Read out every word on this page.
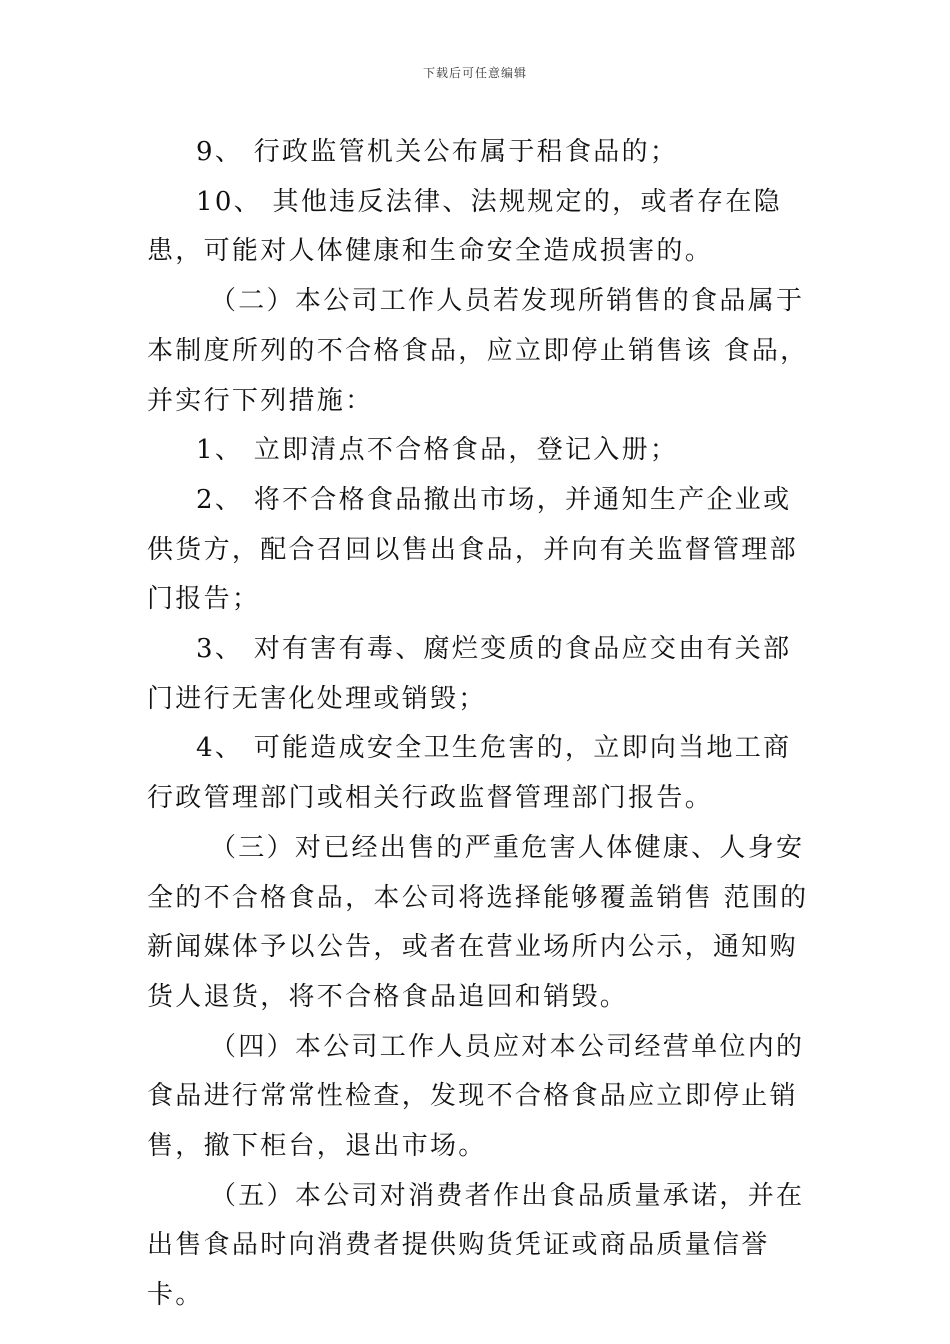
下载后可任意编辑

9、 行政监管机关公布属于稆食品的；

10、 其他违反法律、法规规定的，或者存在隐患，可能对人体健康和生命安全造成损害的。

（二）本公司工作人员若发现所销售的食品属于本制度所列的不合格食品，应立即停止销售该 食品，并实行下列措施：

1、 立即清点不合格食品，登记入册；

2、 将不合格食品撤出市场，并通知生产企业或供货方，配合召回以售出食品，并向有关监督管理部门报告；

3、 对有害有毒、腐烂变质的食品应交由有关部门进行无害化处理或销毁；

4、 可能造成安全卫生危害的，立即向当地工商行政管理部门或相关行政监督管理部门报告。

（三）对已经出售的严重危害人体健康、人身安全的不合格食品，本公司将选择能够覆盖销售 范围的新闻媒体予以公告，或者在营业场所内公示，通知购货人退货，将不合格食品追回和销毁。

（四）本公司工作人员应对本公司经营单位内的食品进行常常性检查，发现不合格食品应立即停止销售，撤下柜台，退出市场。

（五）本公司对消费者作出食品质量承诺，并在出售食品时向消费者提供购货凭证或商品质量信誉卡。
